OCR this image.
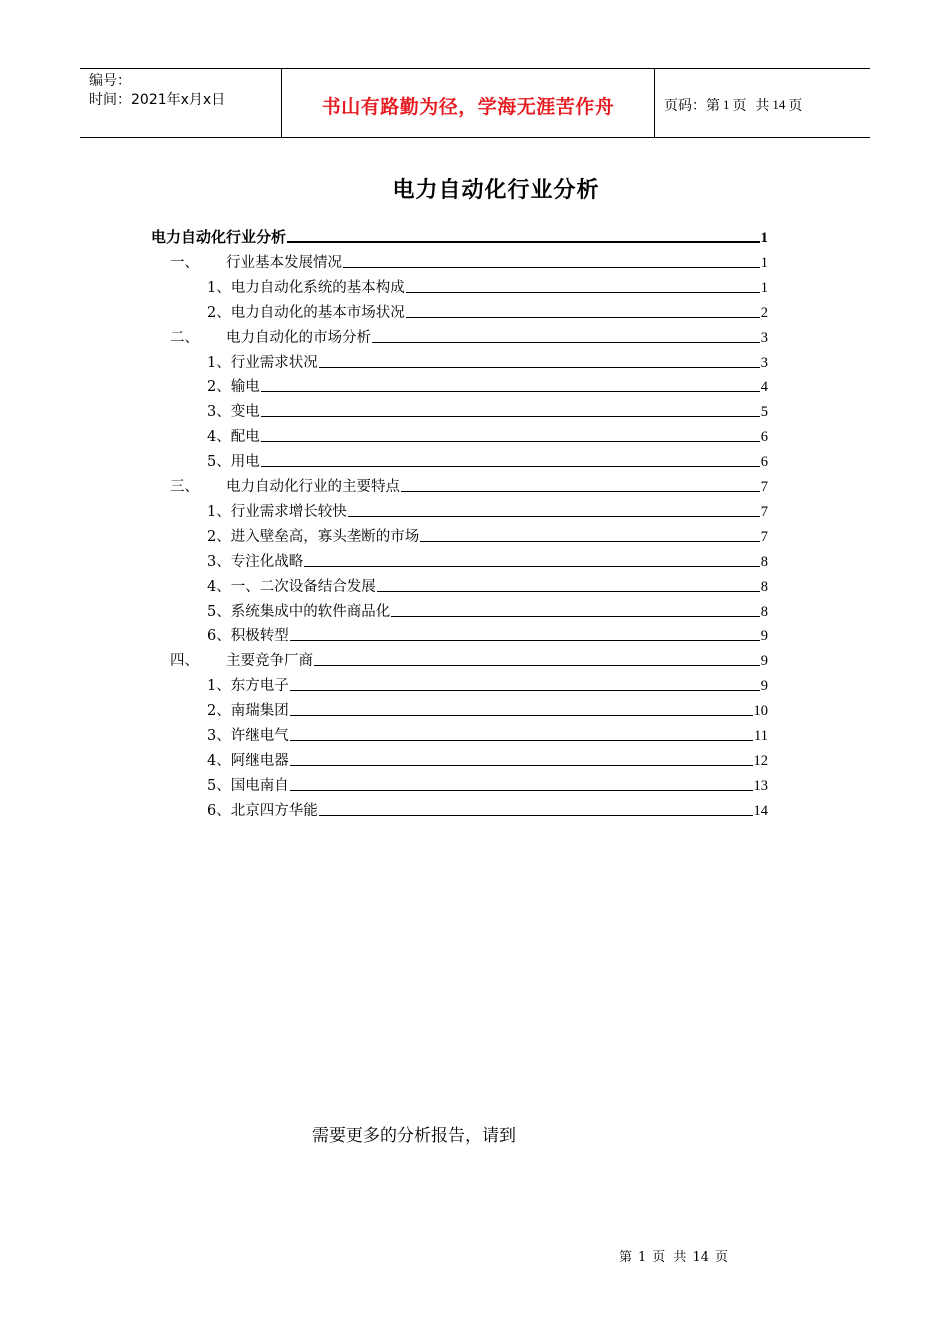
编号：
时间：2021年x月x日	书山有路勤为径，学海无涯苦作舟	页码：第 1 页  共 14 页
电力自动化行业分析
电力自动化行业分析	1
一、	行业基本发展情况	1
1、电力自动化系统的基本构成	1
2、电力自动化的基本市场状况	2
二、	电力自动化的市场分析	3
1、行业需求状况	3
2、输电	4
3、变电	5
4、配电	6
5、用电	6
三、	电力自动化行业的主要特点	7
1、行业需求增长较快	7
2、进入壁垒高，寡头垄断的市场	7
3、专注化战略	8
4、一、二次设备结合发展	8
5、系统集成中的软件商品化	8
6、积极转型	9
四、	主要竞争厂商	9
1、东方电子	9
2、南瑞集团	10
3、许继电气	11
4、阿继电器	12
5、国电南自	13
6、北京四方华能	14
需要更多的分析报告，请到
第 1 页 共 14 页
